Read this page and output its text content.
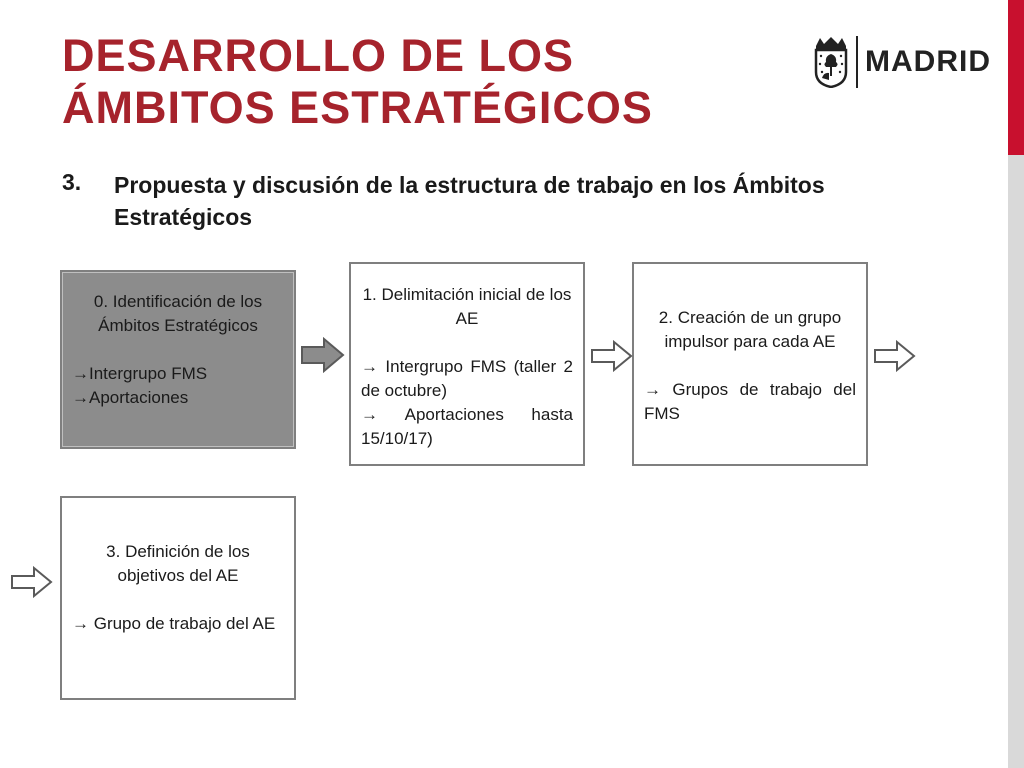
DESARROLLO DE LOS
ÁMBITOS ESTRATÉGICOS
MADRID
3. Propuesta y discusión de la estructura de trabajo en los Ámbitos Estratégicos
0. Identificación de los Ámbitos Estratégicos
→Intergrupo FMS
→Aportaciones
1. Delimitación inicial de los AE
→ Intergrupo FMS (taller 2 de octubre)
→ Aportaciones hasta 15/10/17)
2. Creación de un grupo impulsor para cada AE
→ Grupos de trabajo del FMS
3. Definición de los objetivos del AE
→ Grupo de trabajo del AE
